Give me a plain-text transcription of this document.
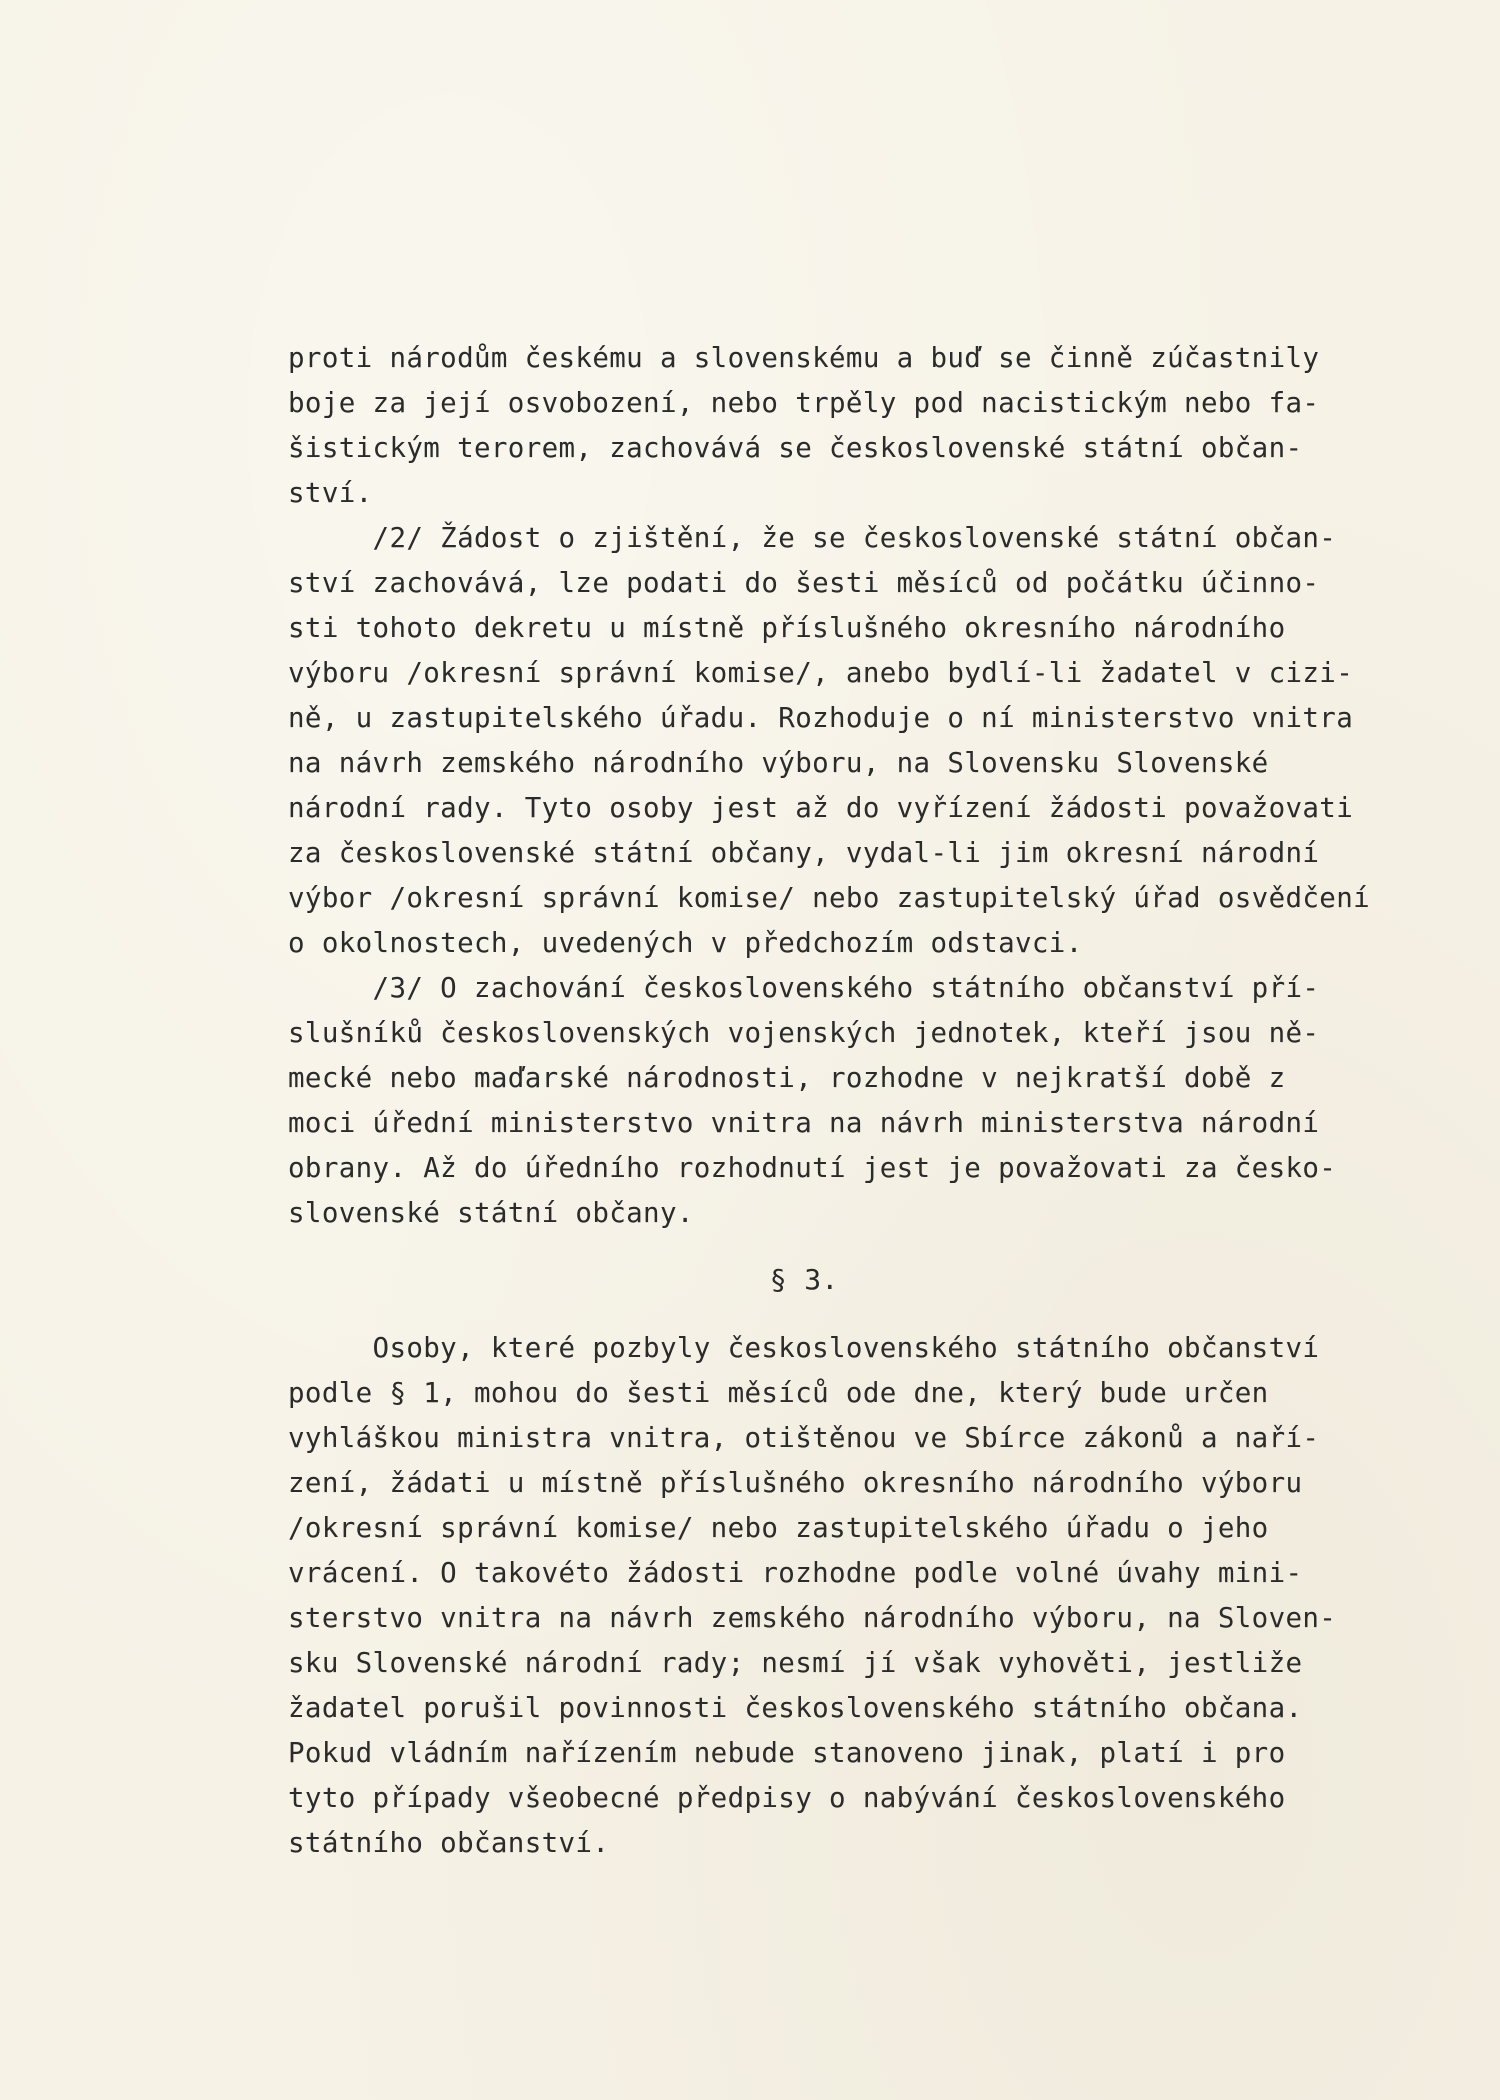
proti národům českému a slovenskému a buď se činně zúčastnily
boje za její osvobození, nebo trpěly pod nacistickým nebo fa-
šistickým terorem, zachovává se československé státní občan-
ství.
/2/ Žádost o zjištění, že se československé státní občan-
ství zachovává, lze podati do šesti měsíců od počátku účinno-
sti tohoto dekretu u místně příslušného okresního národního
výboru /okresní správní komise/, anebo bydlí-li žadatel v cizi-
ně, u zastupitelského úřadu. Rozhoduje o ní ministerstvo vnitra
na návrh zemského národního výboru, na Slovensku Slovenské
národní rady. Tyto osoby jest až do vyřízení žádosti považovati
za československé státní občany, vydal-li jim okresní národní
výbor /okresní správní komise/ nebo zastupitelský úřad osvědčení
o okolnostech, uvedených v předchozím odstavci.
/3/ O zachování československého státního občanství pří-
slušníků československých vojenských jednotek, kteří jsou ně-
mecké nebo maďarské národnosti, rozhodne v nejkratší době z
moci úřední ministerstvo vnitra na návrh ministerstva národní
obrany. Až do úředního rozhodnutí jest je považovati za česko-
slovenské státní občany.
§ 3.
Osoby, které pozbyly československého státního občanství
podle § 1, mohou do šesti měsíců ode dne, který bude určen
vyhláškou ministra vnitra, otištěnou ve Sbírce zákonů a naří-
zení, žádati u místně příslušného okresního národního výboru
/okresní správní komise/ nebo zastupitelského úřadu o jeho
vrácení. O takovéto žádosti rozhodne podle volné úvahy mini-
sterstvo vnitra na návrh zemského národního výboru, na Sloven-
sku Slovenské národní rady; nesmí jí však vyhověti, jestliže
žadatel porušil povinnosti československého státního občana.
Pokud vládním nařízením nebude stanoveno jinak, platí i pro
tyto případy všeobecné předpisy o nabývání československého
státního občanství.
